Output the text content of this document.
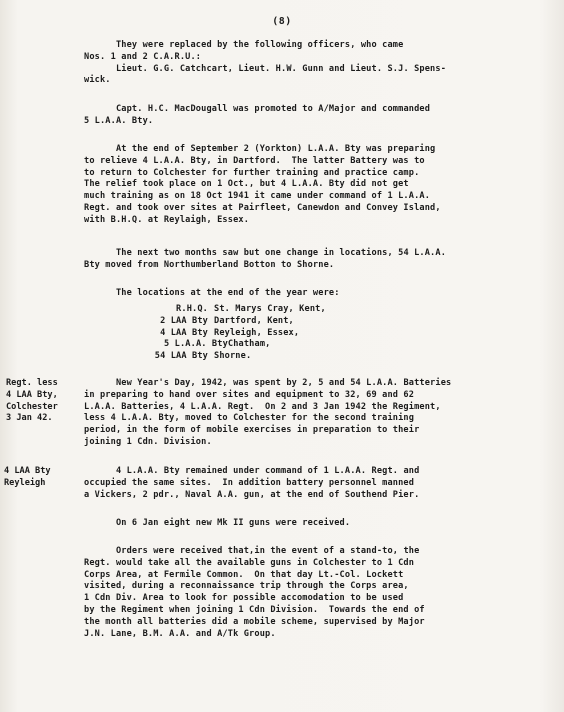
(8)
They were replaced by the following officers, who came
Nos. 1 and 2 C.A.R.U.:
Lieut. G.G. Catchcart, Lieut. H.W. Gunn and Lieut. S.J. Spens-
wick.
Capt. H.C. MacDougall was promoted to A/Major and commanded
5 L.A.A. Bty.
At the end of September 2 (Yorkton) L.A.A. Bty was preparing
to relieve 4 L.A.A. Bty, in Dartford.  The latter Battery was to
to return to Colchester for further training and practice camp.
The relief took place on 1 Oct., but 4 L.A.A. Bty did not get
much training as on 18 Oct 1941 it came under command of 1 L.A.A.
Regt. and took over sites at Pairfleet, Canewdon and Convey Island,
with B.H.Q. at Reylaigh, Essex.
The next two months saw but one change in locations, 54 L.A.A.
Bty moved from Northumberland Botton to Shorne.
The locations at the end of the year were:
R.H.Q. St. Marys Cray, Kent,
2 LAA Bty Dartford, Kent,
4 LAA Bty Reyleigh, Essex,
5 L.A.A. BtyChatham,
54 LAA Bty Shorne.
Regt. less
4 LAA Bty,
Colchester
3 Jan 42.
New Year's Day, 1942, was spent by 2, 5 and 54 L.A.A. Batteries
in preparing to hand over sites and equipment to 32, 69 and 62
L.A.A. Batteries, 4 L.A.A. Regt.  On 2 and 3 Jan 1942 the Regiment,
less 4 L.A.A. Bty, moved to Colchester for the second training
period, in the form of mobile exercises in preparation to their
joining 1 Cdn. Division.
4 LAA Bty
Reyleigh
4 L.A.A. Bty remained under command of 1 L.A.A. Regt. and
occupied the same sites.  In addition battery personnel manned
a Vickers, 2 pdr., Naval A.A. gun, at the end of Southend Pier.
On 6 Jan eight new Mk II guns were received.
Orders were received that,in the event of a stand-to, the
Regt. would take all the available guns in Colchester to 1 Cdn
Corps Area, at Fermile Common.  On that day Lt.-Col. Lockett
visited, during a reconnaissance trip through the Corps area,
1 Cdn Div. Area to look for possible accomodation to be used
by the Regiment when joining 1 Cdn Division.  Towards the end of
the month all batteries did a mobile scheme, supervised by Major
J.N. Lane, B.M. A.A. and A/Tk Group.
